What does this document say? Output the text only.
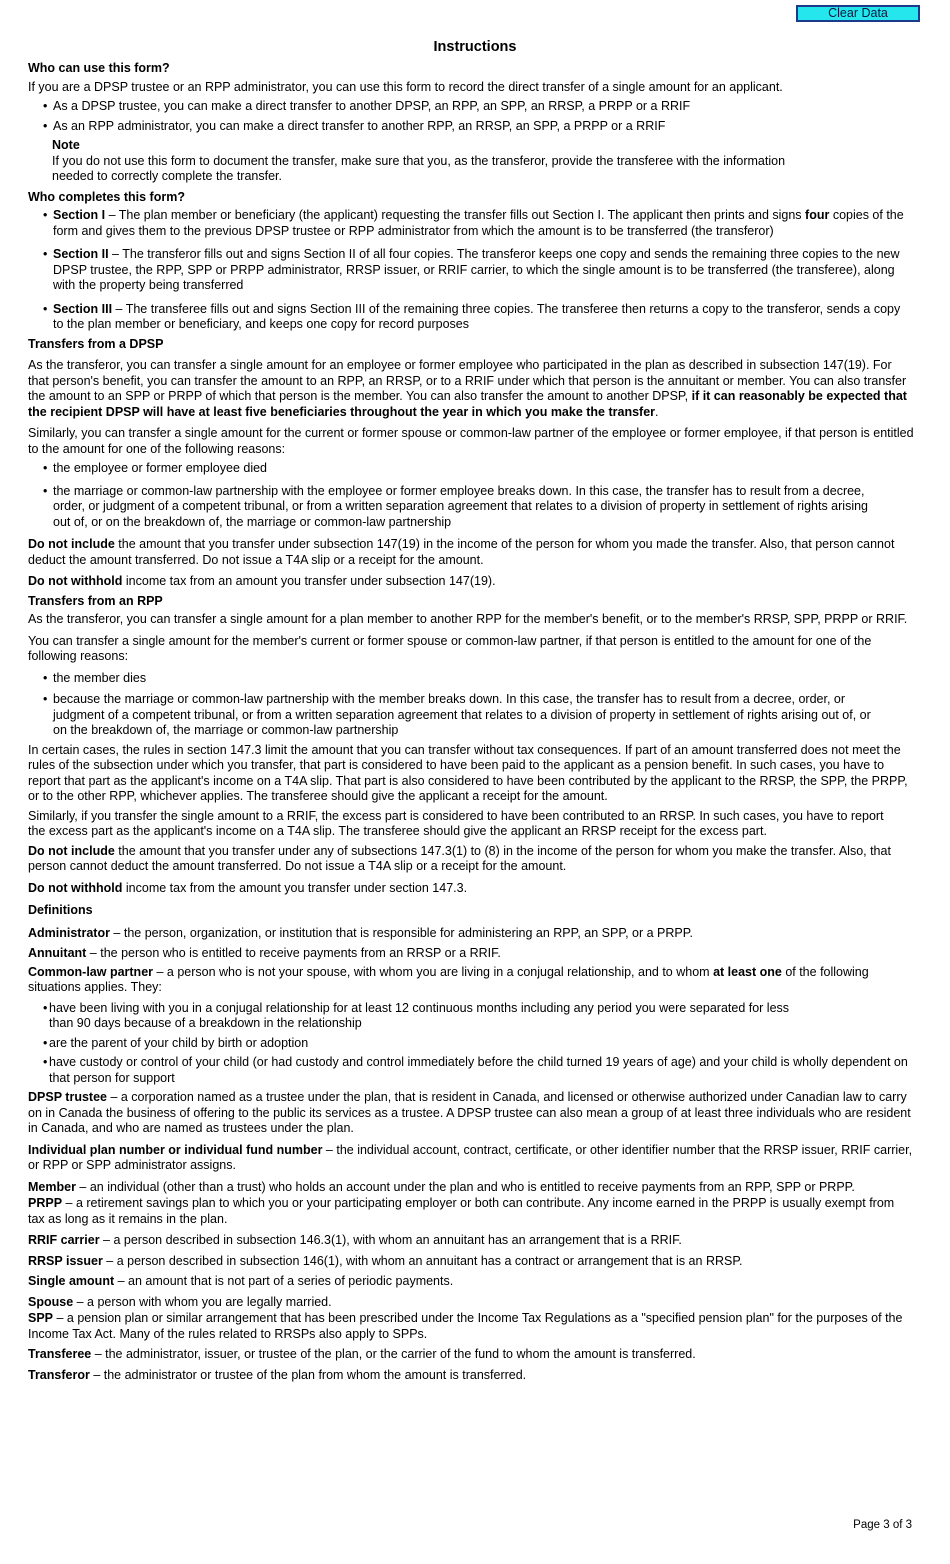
Clear Data
Instructions
Who can use this form?

If you are a DPSP trustee or an RPP administrator, you can use this form to record the direct transfer of a single amount for an applicant.

• As a DPSP trustee, you can make a direct transfer to another DPSP, an RPP, an SPP, an RRSP, a PRPP or a RRIF
• As an RPP administrator, you can make a direct transfer to another RPP, an RRSP, an SPP, a PRPP or a RRIF
Note
If you do not use this form to document the transfer, make sure that you, as the transferor, provide the transferee with the information needed to correctly complete the transfer.
Who completes this form?
• Section I – The plan member or beneficiary (the applicant) requesting the transfer fills out Section I. The applicant then prints and signs four copies of the form and gives them to the previous DPSP trustee or RPP administrator from which the amount is to be transferred (the transferor)
• Section II – The transferor fills out and signs Section II of all four copies. The transferor keeps one copy and sends the remaining three copies to the new DPSP trustee, the RPP, SPP or PRPP administrator, RRSP issuer, or RRIF carrier, to which the single amount is to be transferred (the transferee), along with the property being transferred
• Section III – The transferee fills out and signs Section III of the remaining three copies. The transferee then returns a copy to the transferor, sends a copy to the plan member or beneficiary, and keeps one copy for record purposes
Transfers from a DPSP

As the transferor, you can transfer a single amount for an employee or former employee who participated in the plan as described in subsection 147(19). For that person's benefit, you can transfer the amount to an RPP, an RRSP, or to a RRIF under which that person is the annuitant or member. You can also transfer the amount to an SPP or PRPP of which that person is the member. You can also transfer the amount to another DPSP, if it can reasonably be expected that the recipient DPSP will have at least five beneficiaries throughout the year in which you make the transfer.

Similarly, you can transfer a single amount for the current or former spouse or common-law partner of the employee or former employee, if that person is entitled to the amount for one of the following reasons:

• the employee or former employee died
• the marriage or common-law partnership with the employee or former employee breaks down. In this case, the transfer has to result from a decree, order, or judgment of a competent tribunal, or from a written separation agreement that relates to a division of property in settlement of rights arising out of, or on the breakdown of, the marriage or common-law partnership

Do not include the amount that you transfer under subsection 147(19) in the income of the person for whom you made the transfer. Also, that person cannot deduct the amount transferred. Do not issue a T4A slip or a receipt for the amount.

Do not withhold income tax from an amount you transfer under subsection 147(19).

Transfers from an RPP

As the transferor, you can transfer a single amount for a plan member to another RPP for the member's benefit, or to the member's RRSP, SPP, PRPP or RRIF.

You can transfer a single amount for the member's current or former spouse or common-law partner, if that person is entitled to the amount for one of the following reasons:

• the member dies
• because the marriage or common-law partnership with the member breaks down. In this case, the transfer has to result from a decree, order, or judgment of a competent tribunal, or from a written separation agreement that relates to a division of property in settlement of rights arising out of, or on the breakdown of, the marriage or common-law partnership

In certain cases, the rules in section 147.3 limit the amount that you can transfer without tax consequences. If part of an amount transferred does not meet the rules of the subsection under which you transfer, that part is considered to have been paid to the applicant as a pension benefit. In such cases, you have to report that part as the applicant's income on a T4A slip. That part is also considered to have been contributed by the applicant to the RRSP, the SPP, the PRPP, or to the other RPP, whichever applies. The transferee should give the applicant a receipt for the amount.

Similarly, if you transfer the single amount to a RRIF, the excess part is considered to have been contributed to an RRSP. In such cases, you have to report the excess part as the applicant's income on a T4A slip. The transferee should give the applicant an RRSP receipt for the excess part.

Do not include the amount that you transfer under any of subsections 147.3(1) to (8) in the income of the person for whom you make the transfer. Also, that person cannot deduct the amount transferred. Do not issue a T4A slip or a receipt for the amount.

Do not withhold income tax from the amount you transfer under section 147.3.

Definitions

Administrator – the person, organization, or institution that is responsible for administering an RPP, an SPP, or a PRPP.

Annuitant – the person who is entitled to receive payments from an RRSP or a RRIF.

Common-law partner – a person who is not your spouse, with whom you are living in a conjugal relationship, and to whom at least one of the following situations applies. They:

• have been living with you in a conjugal relationship for at least 12 continuous months including any period you were separated for less than 90 days because of a breakdown in the relationship
• are the parent of your child by birth or adoption
• have custody or control of your child (or had custody and control immediately before the child turned 19 years of age) and your child is wholly dependent on that person for support

DPSP trustee – a corporation named as a trustee under the plan, that is resident in Canada, and licensed or otherwise authorized under Canadian law to carry on in Canada the business of offering to the public its services as a trustee. A DPSP trustee can also mean a group of at least three individuals who are resident in Canada, and who are named as trustees under the plan.

Individual plan number or individual fund number – the individual account, contract, certificate, or other identifier number that the RRSP issuer, RRIF carrier, or RPP or SPP administrator assigns.

Member – an individual (other than a trust) who holds an account under the plan and who is entitled to receive payments from an RPP, SPP or PRPP.

PRPP – a retirement savings plan to which you or your participating employer or both can contribute. Any income earned in the PRPP is usually exempt from tax as long as it remains in the plan.

RRIF carrier – a person described in subsection 146.3(1), with whom an annuitant has an arrangement that is a RRIF.

RRSP issuer – a person described in subsection 146(1), with whom an annuitant has a contract or arrangement that is an RRSP.

Single amount – an amount that is not part of a series of periodic payments.

Spouse – a person with whom you are legally married.

SPP – a pension plan or similar arrangement that has been prescribed under the Income Tax Regulations as a "specified pension plan" for the purposes of the Income Tax Act. Many of the rules related to RRSPs also apply to SPPs.

Transferee – the administrator, issuer, or trustee of the plan, or the carrier of the fund to whom the amount is transferred.

Transferor – the administrator or trustee of the plan from whom the amount is transferred.

Page 3 of 3
